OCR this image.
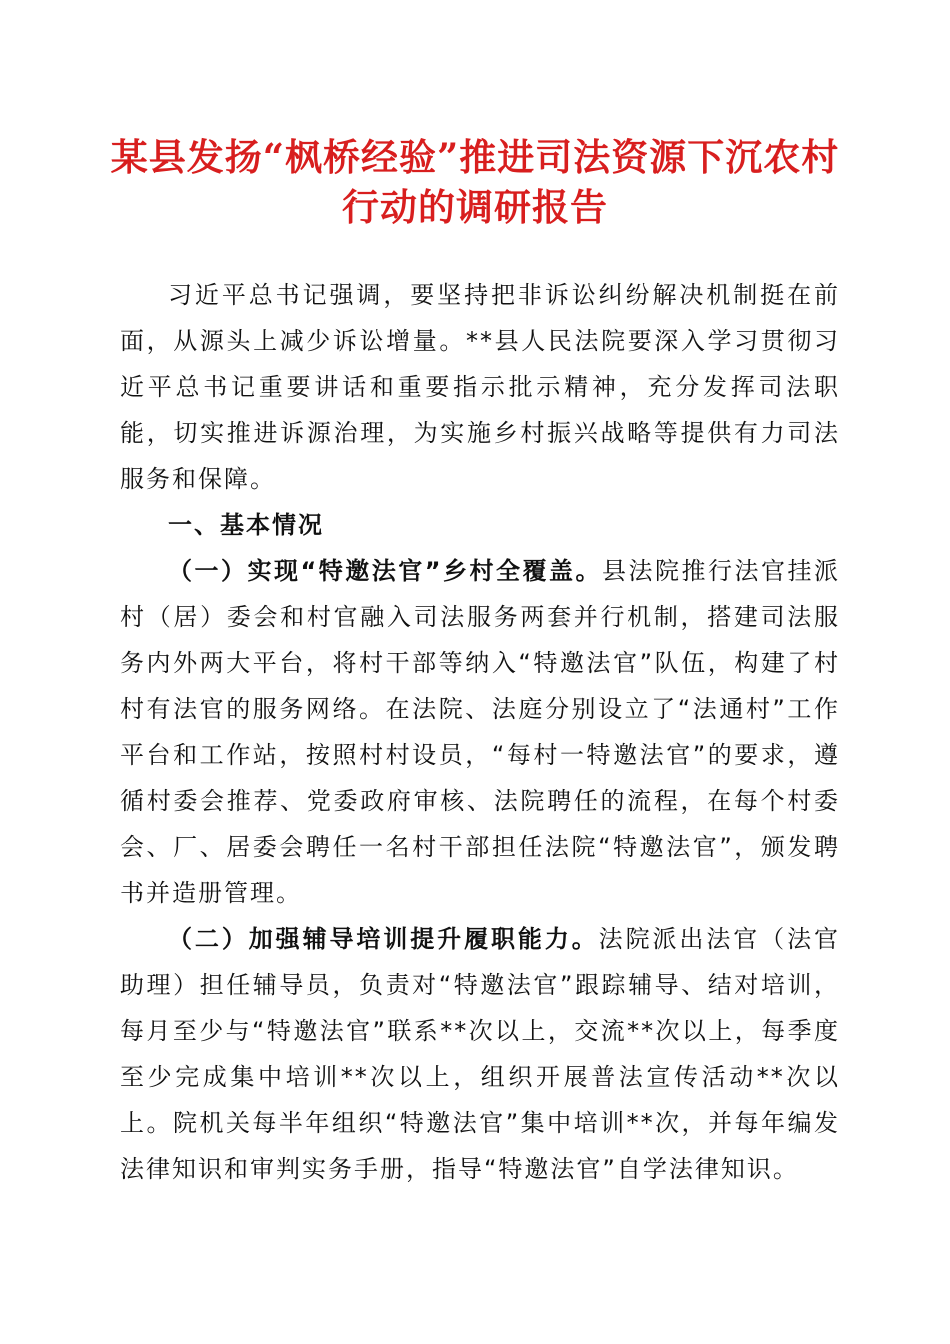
某县发扬“枫桥经验”推进司法资源下沉农村
行动的调研报告

习近平总书记强调，要坚持把非诉讼纠纷解决机制挺在前面，从源头上减少诉讼增量。**县人民法院要深入学习贯彻习近平总书记重要讲话和重要指示批示精神，充分发挥司法职能，切实推进诉源治理，为实施乡村振兴战略等提供有力司法服务和保障。

一、基本情况

（一）实现“特邀法官”乡村全覆盖。县法院推行法官挂派村（居）委会和村官融入司法服务两套并行机制，搭建司法服务内外两大平台，将村干部等纳入“特邀法官”队伍，构建了村村有法官的服务网络。在法院、法庭分别设立了“法通村”工作平台和工作站，按照村村设员，“每村一特邀法官”的要求，遵循村委会推荐、党委政府审核、法院聘任的流程，在每个村委会、厂、居委会聘任一名村干部担任法院“特邀法官”，颁发聘书并造册管理。

（二）加强辅导培训提升履职能力。法院派出法官（法官助理）担任辅导员，负责对“特邀法官”跟踪辅导、结对培训，每月至少与“特邀法官”联系**次以上，交流**次以上，每季度至少完成集中培训**次以上，组织开展普法宣传活动**次以上。院机关每半年组织“特邀法官”集中培训**次，并每年编发法律知识和审判实务手册，指导“特邀法官”自学法律知识。
